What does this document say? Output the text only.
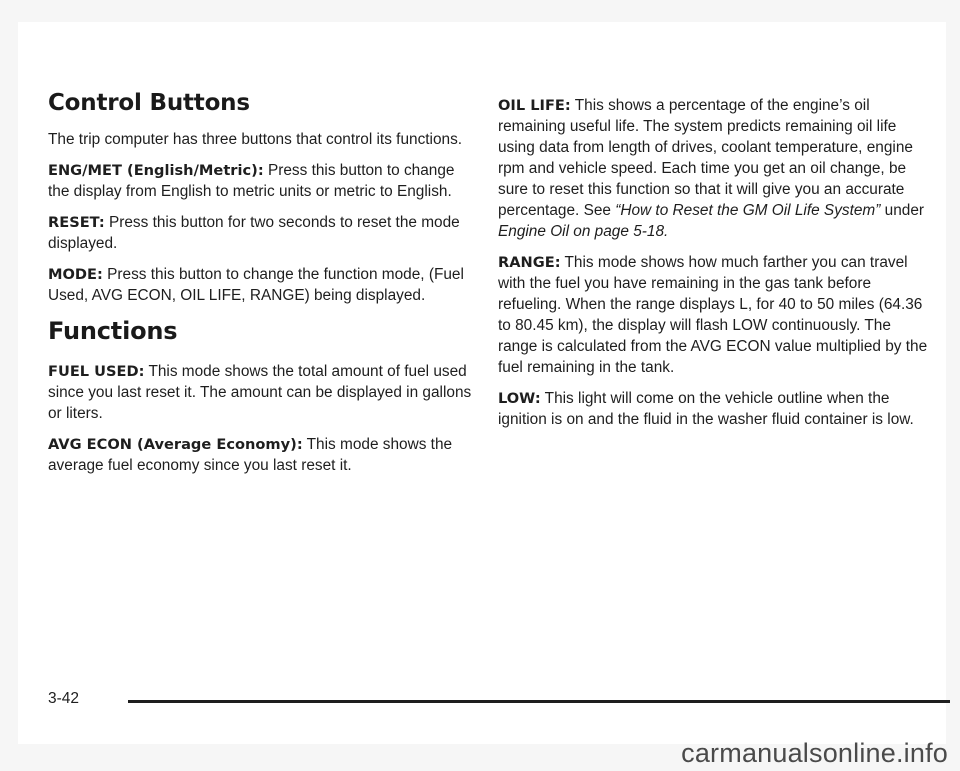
Control Buttons

The trip computer has three buttons that control its functions.

ENG/MET (English/Metric): Press this button to change the display from English to metric units or metric to English.

RESET: Press this button for two seconds to reset the mode displayed.

MODE: Press this button to change the function mode, (Fuel Used, AVG ECON, OIL LIFE, RANGE) being displayed.

Functions

FUEL USED: This mode shows the total amount of fuel used since you last reset it. The amount can be displayed in gallons or liters.

AVG ECON (Average Economy): This mode shows the average fuel economy since you last reset it.

OIL LIFE: This shows a percentage of the engine’s oil remaining useful life. The system predicts remaining oil life using data from length of drives, coolant temperature, engine rpm and vehicle speed. Each time you get an oil change, be sure to reset this function so that it will give you an accurate percentage. See “How to Reset the GM Oil Life System” under Engine Oil on page 5-18.

RANGE: This mode shows how much farther you can travel with the fuel you have remaining in the gas tank before refueling. When the range displays L, for 40 to 50 miles (64.36 to 80.45 km), the display will flash LOW continuously. The range is calculated from the AVG ECON value multiplied by the fuel remaining in the tank.

LOW: This light will come on the vehicle outline when the ignition is on and the fluid in the washer fluid container is low.

3-42
carmanualsonline.info
